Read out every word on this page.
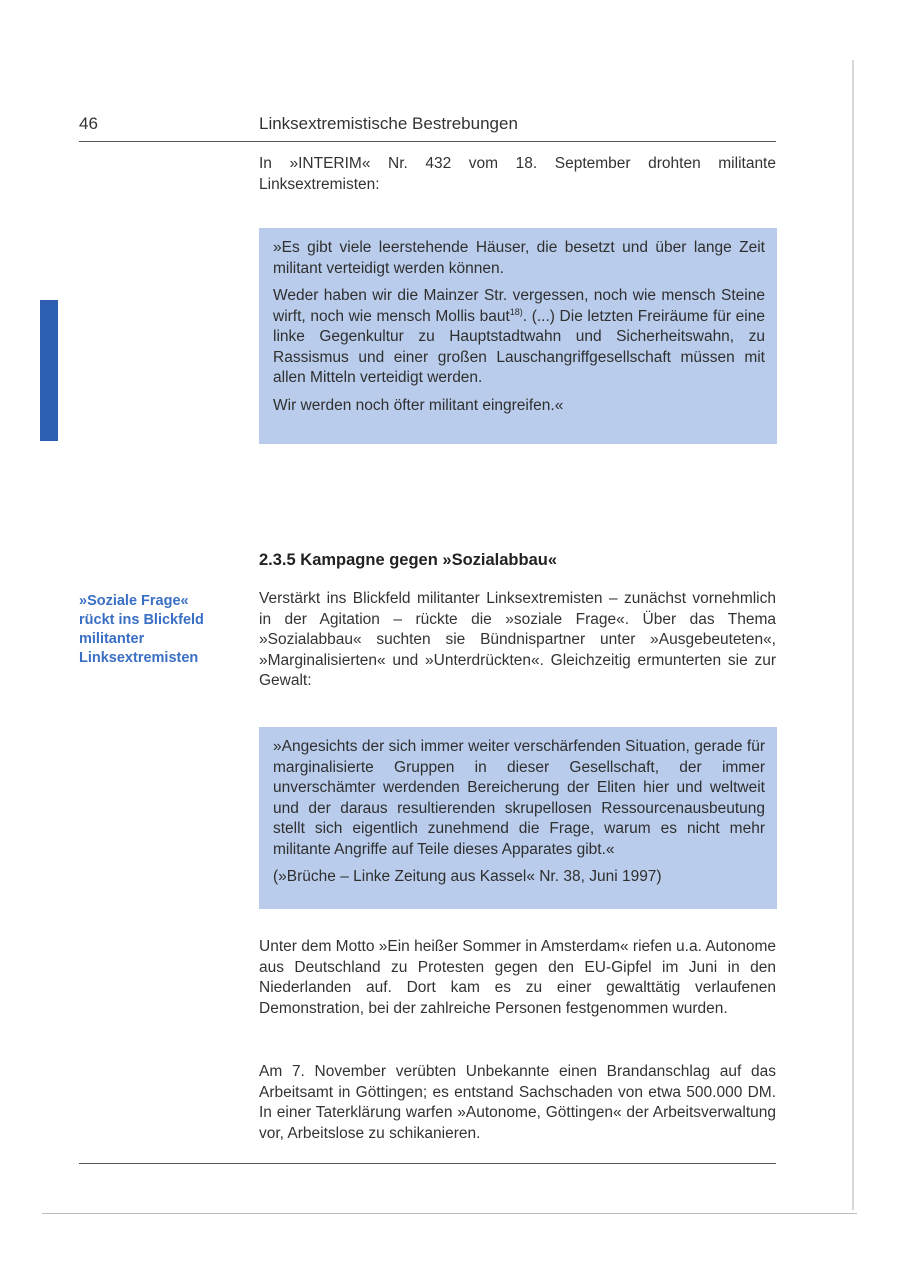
46	Linksextremistische Bestrebungen
In »INTERIM« Nr. 432 vom 18. September drohten militante Linksextremisten:

»Es gibt viele leerstehende Häuser, die besetzt und über lange Zeit militant verteidigt werden können.

Weder haben wir die Mainzer Str. vergessen, noch wie mensch Steine wirft, noch wie mensch Mollis baut$^{18)}$. (...) Die letzten Freiräume für eine linke Gegenkultur zu Hauptstadtwahn und Sicherheitswahn, zu Rassismus und einer großen Lauschangriffgesellschaft müssen mit allen Mitteln verteidigt werden.

Wir werden noch öfter militant eingreifen.«

2.3.5 Kampagne gegen »Sozialabbau«
»Soziale Frage«
rückt ins Blickfeld
militanter
Linksextremisten
Verstärkt ins Blickfeld militanter Linksextremisten – zunächst vornehmlich in der Agitation – rückte die »soziale Frage«. Über das Thema »Sozialabbau« suchten sie Bündnispartner unter »Ausgebeuteten«, »Marginalisierten« und »Unterdrückten«. Gleichzeitig ermunterten sie zur Gewalt:

»Angesichts der sich immer weiter verschärfenden Situation, gerade für marginalisierte Gruppen in dieser Gesellschaft, der immer unverschämter werdenden Bereicherung der Eliten hier und weltweit und der daraus resultierenden skrupellosen Ressourcenausbeutung stellt sich eigentlich zunehmend die Frage, warum es nicht mehr militante Angriffe auf Teile dieses Apparates gibt.«

(»Brüche – Linke Zeitung aus Kassel« Nr. 38, Juni 1997)

Unter dem Motto »Ein heißer Sommer in Amsterdam« riefen u.a. Autonome aus Deutschland zu Protesten gegen den EU-Gipfel im Juni in den Niederlanden auf. Dort kam es zu einer gewalttätig verlaufenen Demonstration, bei der zahlreiche Personen festgenommen wurden.
Am 7. November verübten Unbekannte einen Brandanschlag auf das Arbeitsamt in Göttingen; es entstand Sachschaden von etwa 500.000 DM. In einer Taterklärung warfen »Autonome, Göttingen« der Arbeitsverwaltung vor, Arbeitslose zu schikanieren.
